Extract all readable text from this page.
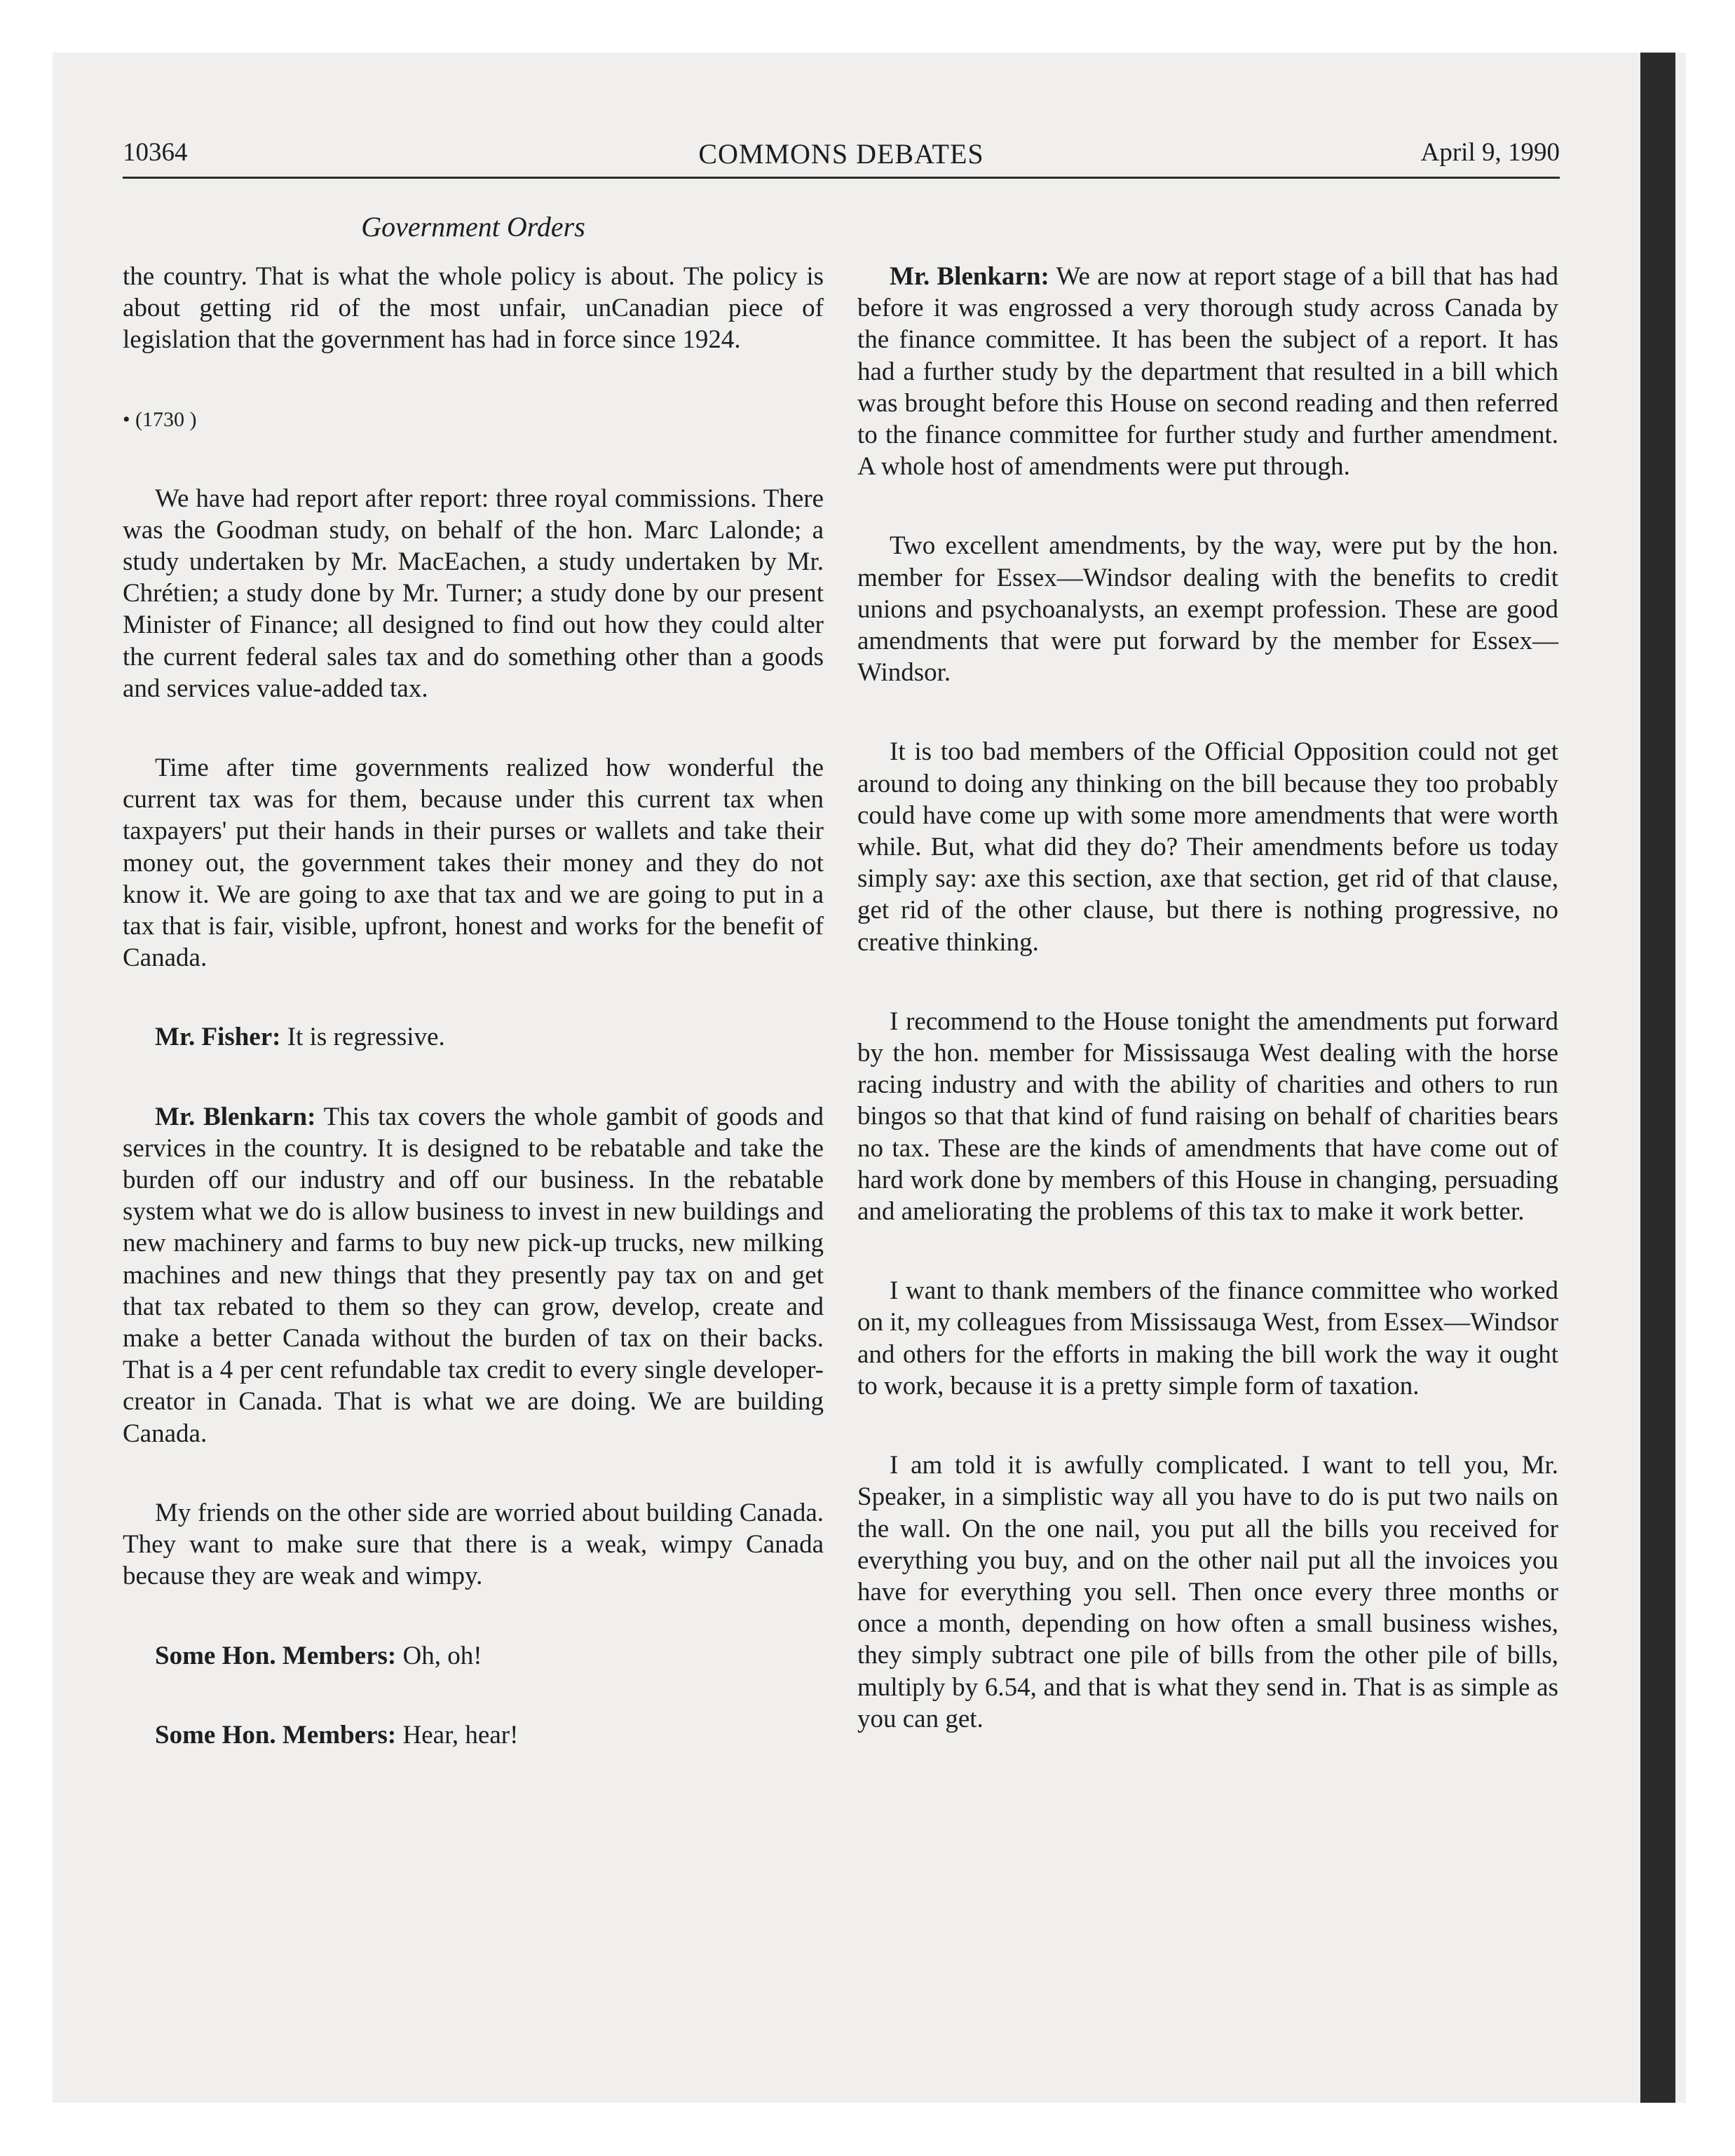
10364	COMMONS DEBATES	April 9, 1990
Government Orders

the country. That is what the whole policy is about. The policy is about getting rid of the most unfair, unCanadian piece of legislation that the government has had in force since 1924.

• (1730 )

We have had report after report: three royal commissions. There was the Goodman study, on behalf of the hon. Marc Lalonde; a study undertaken by Mr. MacEachen, a study undertaken by Mr. Chrétien; a study done by Mr. Turner; a study done by our present Minister of Finance; all designed to find out how they could alter the current federal sales tax and do something other than a goods and services value-added tax.

Time after time governments realized how wonderful the current tax was for them, because under this current tax when taxpayers' put their hands in their purses or wallets and take their money out, the government takes their money and they do not know it. We are going to axe that tax and we are going to put in a tax that is fair, visible, upfront, honest and works for the benefit of Canada.

Mr. Fisher: It is regressive.

Mr. Blenkarn: This tax covers the whole gambit of goods and services in the country. It is designed to be rebatable and take the burden off our industry and off our business. In the rebatable system what we do is allow business to invest in new buildings and new machinery and farms to buy new pick-up trucks, new milking machines and new things that they presently pay tax on and get that tax rebated to them so they can grow, develop, create and make a better Canada without the burden of tax on their backs. That is a 4 per cent refundable tax credit to every single developer-creator in Canada. That is what we are doing. We are building Canada.

My friends on the other side are worried about building Canada. They want to make sure that there is a weak, wimpy Canada because they are weak and wimpy.

Some Hon. Members: Oh, oh!

Some Hon. Members: Hear, hear!

Mr. Blenkarn: We are now at report stage of a bill that has had before it was engrossed a very thorough study across Canada by the finance committee. It has been the subject of a report. It has had a further study by the department that resulted in a bill which was brought before this House on second reading and then referred to the finance committee for further study and further amendment. A whole host of amendments were put through.

Two excellent amendments, by the way, were put by the hon. member for Essex—Windsor dealing with the benefits to credit unions and psychoanalysts, an exempt profession. These are good amendments that were put forward by the member for Essex—Windsor.

It is too bad members of the Official Opposition could not get around to doing any thinking on the bill because they too probably could have come up with some more amendments that were worth while. But, what did they do? Their amendments before us today simply say: axe this section, axe that section, get rid of that clause, get rid of the other clause, but there is nothing progressive, no creative thinking.

I recommend to the House tonight the amendments put forward by the hon. member for Mississauga West dealing with the horse racing industry and with the ability of charities and others to run bingos so that that kind of fund raising on behalf of charities bears no tax. These are the kinds of amendments that have come out of hard work done by members of this House in changing, persuading and ameliorating the problems of this tax to make it work better.

I want to thank members of the finance committee who worked on it, my colleagues from Mississauga West, from Essex—Windsor and others for the efforts in making the bill work the way it ought to work, because it is a pretty simple form of taxation.

I am told it is awfully complicated. I want to tell you, Mr. Speaker, in a simplistic way all you have to do is put two nails on the wall. On the one nail, you put all the bills you received for everything you buy, and on the other nail put all the invoices you have for everything you sell. Then once every three months or once a month, depending on how often a small business wishes, they simply subtract one pile of bills from the other pile of bills, multiply by 6.54, and that is what they send in. That is as simple as you can get.
